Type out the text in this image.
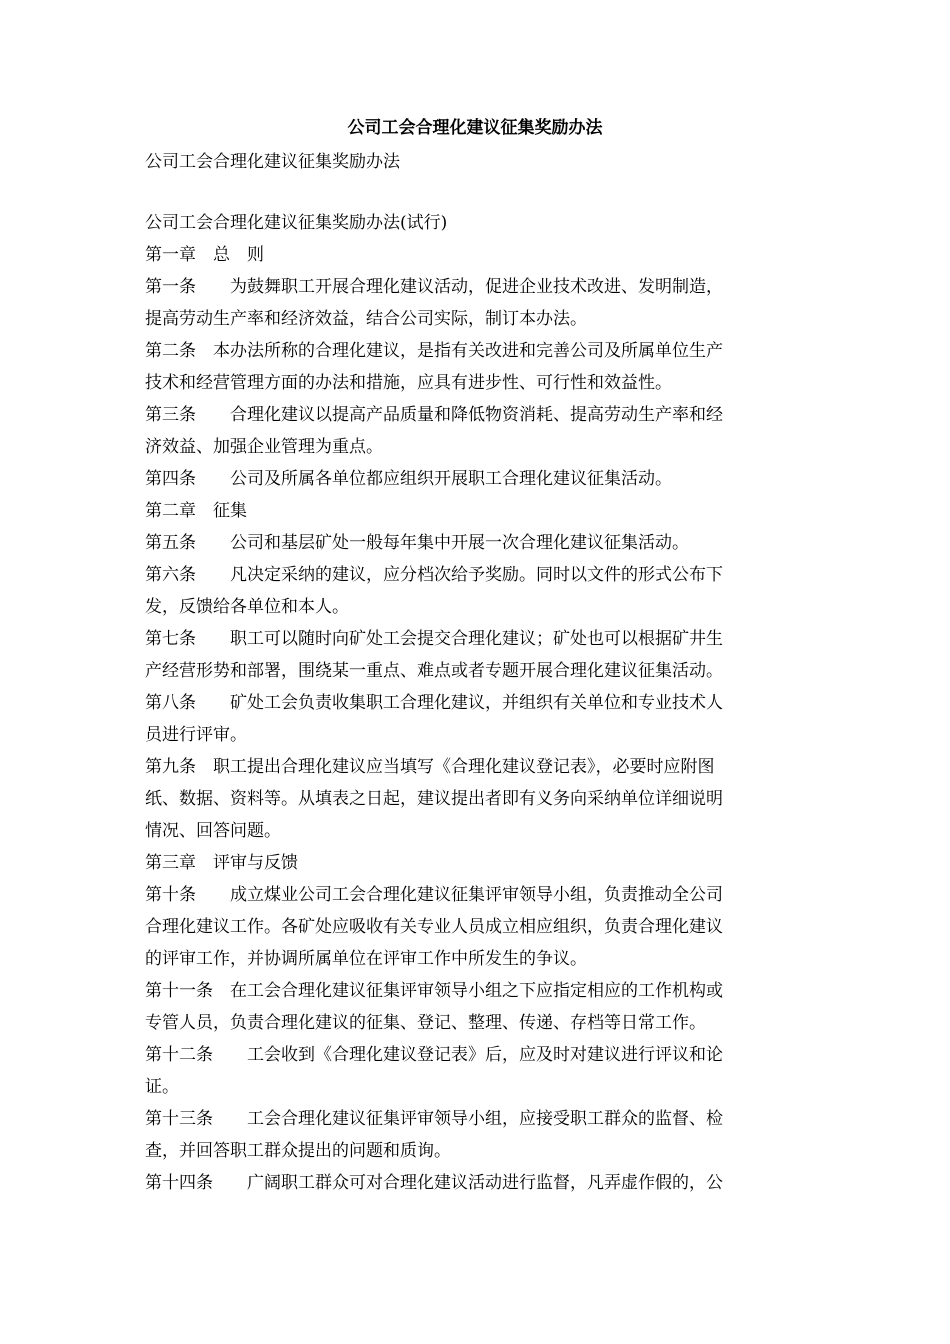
公司工会合理化建议征集奖励办法

公司工会合理化建议征集奖励办法

公司工会合理化建议征集奖励办法(试行)

第一章　总　则

第一条　　为鼓舞职工开展合理化建议活动，促进企业技术改进、发明制造，

提高劳动生产率和经济效益，结合公司实际，制订本办法。

第二条　本办法所称的合理化建议，是指有关改进和完善公司及所属单位生产

技术和经营管理方面的办法和措施，应具有进步性、可行性和效益性。

第三条　　合理化建议以提高产品质量和降低物资消耗、提高劳动生产率和经

济效益、加强企业管理为重点。

第四条　　公司及所属各单位都应组织开展职工合理化建议征集活动。

第二章　征集

第五条　　公司和基层矿处一般每年集中开展一次合理化建议征集活动。

第六条　　凡决定采纳的建议，应分档次给予奖励。同时以文件的形式公布下

发，反馈给各单位和本人。

第七条　　职工可以随时向矿处工会提交合理化建议；矿处也可以根据矿井生

产经营形势和部署，围绕某一重点、难点或者专题开展合理化建议征集活动。

第八条　　矿处工会负责收集职工合理化建议，并组织有关单位和专业技术人

员进行评审。

第九条　职工提出合理化建议应当填写《合理化建议登记表》，必要时应附图

纸、数据、资料等。从填表之日起，建议提出者即有义务向采纳单位详细说明

情况、回答问题。

第三章　评审与反馈

第十条　　成立煤业公司工会合理化建议征集评审领导小组，负责推动全公司

合理化建议工作。各矿处应吸收有关专业人员成立相应组织，负责合理化建议

的评审工作，并协调所属单位在评审工作中所发生的争议。

第十一条　在工会合理化建议征集评审领导小组之下应指定相应的工作机构或

专管人员，负责合理化建议的征集、登记、整理、传递、存档等日常工作。

第十二条　　工会收到《合理化建议登记表》后，应及时对建议进行评议和论

证。

第十三条　　工会合理化建议征集评审领导小组，应接受职工群众的监督、检

查，并回答职工群众提出的问题和质询。

第十四条　　广阔职工群众可对合理化建议活动进行监督，凡弄虚作假的，公
